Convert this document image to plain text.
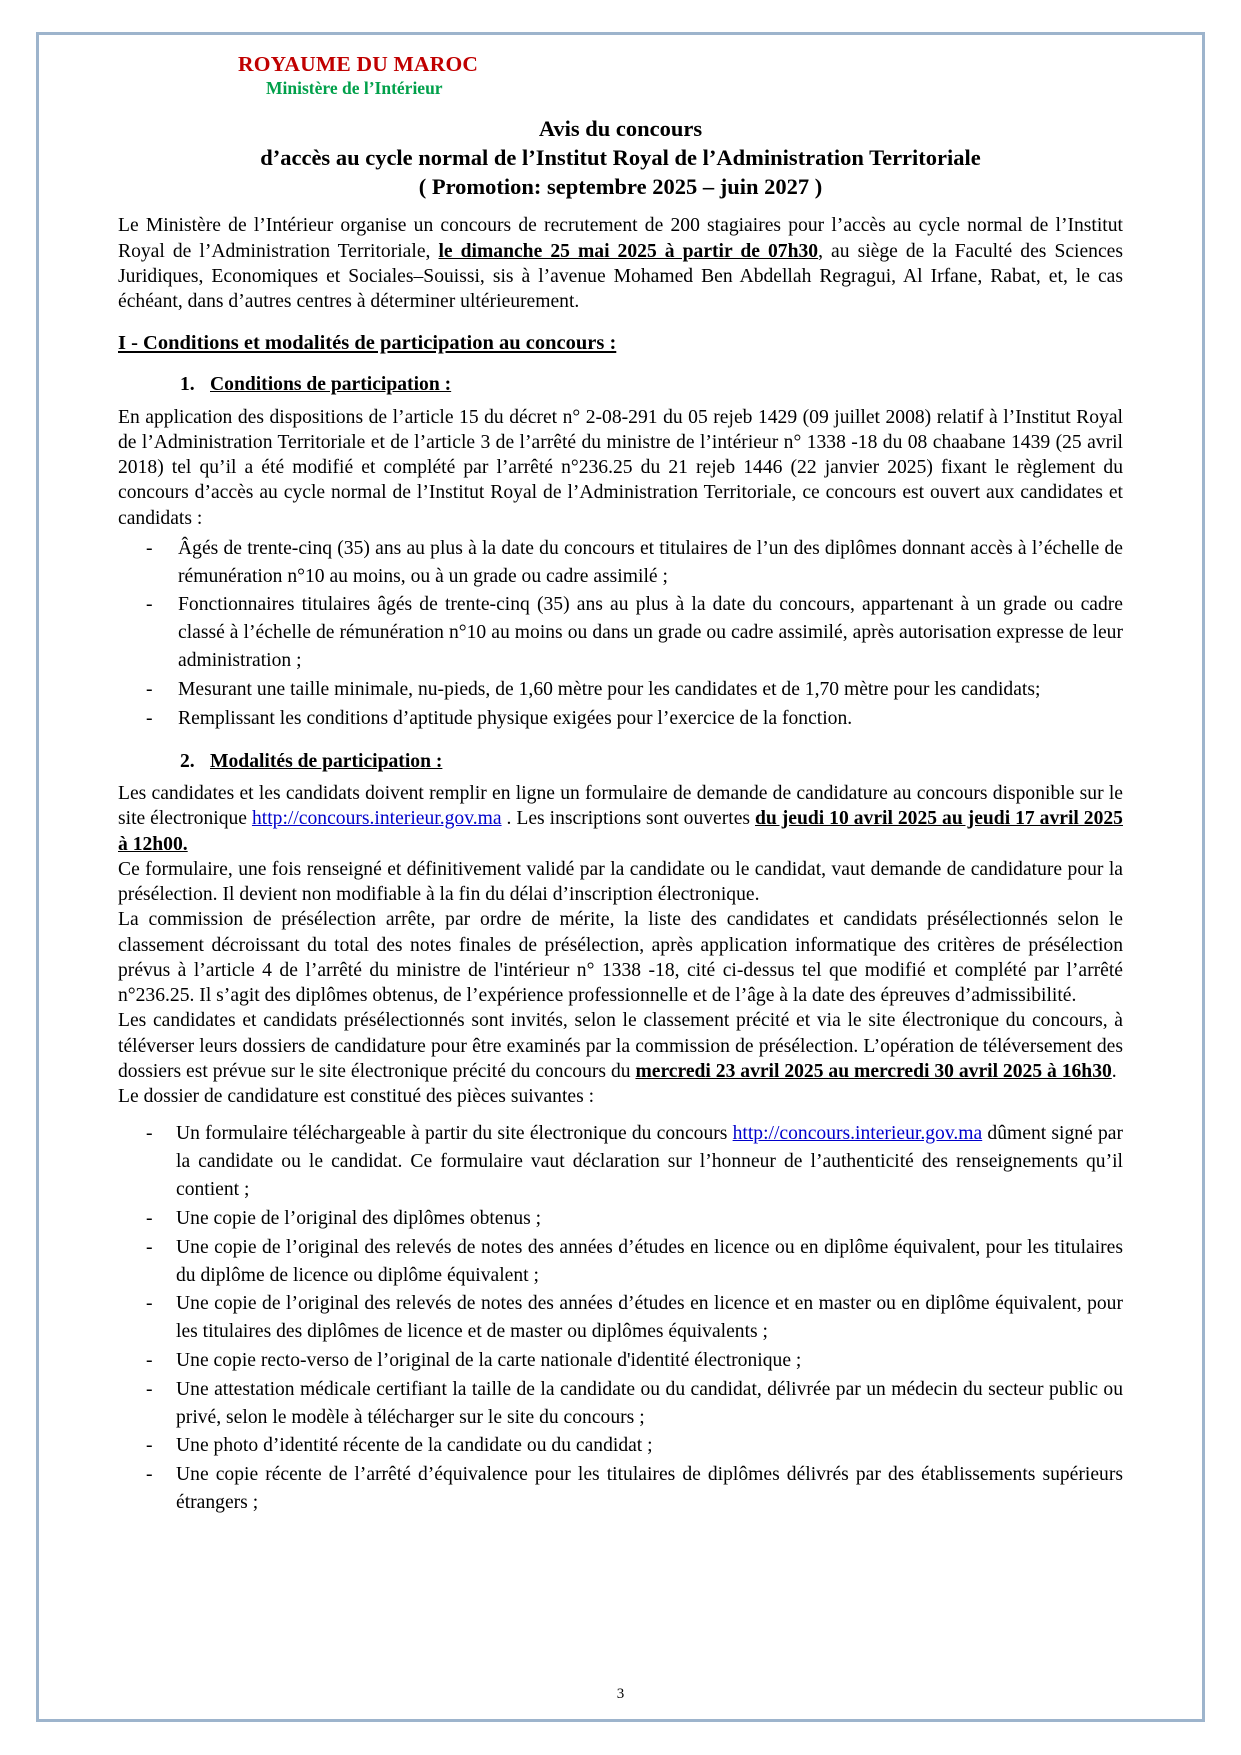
ROYAUME DU MAROC
Ministère de l’Intérieur
Avis du concours
d’accès au cycle normal de l’Institut Royal de l’Administration Territoriale
( Promotion: septembre 2025 – juin 2027 )

Le Ministère de l’Intérieur organise un concours de recrutement de 200 stagiaires pour l’accès au cycle normal de l’Institut Royal de l’Administration Territoriale, le dimanche 25 mai 2025 à partir de 07h30, au siège de la Faculté des Sciences Juridiques, Economiques et Sociales–Souissi, sis à l’avenue Mohamed Ben Abdellah Regragui, Al Irfane, Rabat, et, le cas échéant, dans d’autres centres à déterminer ultérieurement.

I - Conditions et modalités de participation au concours :
1. Conditions de participation :

En application des dispositions de l’article 15 du décret n° 2-08-291 du 05 rejeb 1429 (09 juillet 2008) relatif à l’Institut Royal de l’Administration Territoriale et de l’article 3 de l’arrêté du ministre de l’intérieur n° 1338 -18 du 08 chaabane 1439 (25 avril 2018) tel qu’il a été modifié et complété par l’arrêté n°236.25 du 21 rejeb 1446 (22 janvier 2025) fixant le règlement du concours d’accès au cycle normal de l’Institut Royal de l’Administration Territoriale, ce concours est ouvert aux candidates et candidats :

- Âgés de trente-cinq (35) ans au plus à la date du concours et titulaires de l’un des diplômes donnant accès à l’échelle de rémunération n°10 au moins, ou à un grade ou cadre assimilé ;
- Fonctionnaires titulaires âgés de trente-cinq (35) ans au plus à la date du concours, appartenant à un grade ou cadre classé à l’échelle de rémunération n°10 au moins ou dans un grade ou cadre assimilé, après autorisation expresse de leur administration ;
- Mesurant une taille minimale, nu-pieds, de 1,60 mètre pour les candidates et de 1,70 mètre pour les candidats;
- Remplissant les conditions d’aptitude physique exigées pour l’exercice de la fonction.
2. Modalités de participation :

Les candidates et les candidats doivent remplir en ligne un formulaire de demande de candidature au concours disponible sur le site électronique http://concours.interieur.gov.ma . Les inscriptions sont ouvertes du jeudi 10 avril 2025 au jeudi 17 avril 2025 à 12h00.

Ce formulaire, une fois renseigné et définitivement validé par la candidate ou le candidat, vaut demande de candidature pour la présélection. Il devient non modifiable à la fin du délai d’inscription électronique.

La commission de présélection arrête, par ordre de mérite, la liste des candidates et candidats présélectionnés selon le classement décroissant du total des notes finales de présélection, après application informatique des critères de présélection prévus à l’article 4 de l’arrêté du ministre de l'intérieur n° 1338 -18, cité ci-dessus tel que modifié et complété par l’arrêté n°236.25. Il s’agit des diplômes obtenus, de l’expérience professionnelle et de l’âge à la date des épreuves d’admissibilité.

Les candidates et candidats présélectionnés sont invités, selon le classement précité et via le site électronique du concours, à téléverser leurs dossiers de candidature pour être examinés par la commission de présélection. L’opération de téléversement des dossiers est prévue sur le site électronique précité du concours du mercredi 23 avril 2025 au mercredi 30 avril 2025 à 16h30.

Le dossier de candidature est constitué des pièces suivantes :

- Un formulaire téléchargeable à partir du site électronique du concours http://concours.interieur.gov.ma dûment signé par la candidate ou le candidat. Ce formulaire vaut déclaration sur l’honneur de l’authenticité des renseignements qu’il contient ;
- Une copie de l’original des diplômes obtenus ;
- Une copie de l’original des relevés de notes des années d’études en licence ou en diplôme équivalent, pour les titulaires du diplôme de licence ou diplôme équivalent ;
- Une copie de l’original des relevés de notes des années d’études en licence et en master ou en diplôme équivalent, pour les titulaires des diplômes de licence et de master ou diplômes équivalents ;
- Une copie recto-verso de l’original de la carte nationale d'identité électronique ;
- Une attestation médicale certifiant la taille de la candidate ou du candidat, délivrée par un médecin du secteur public ou privé, selon le modèle à télécharger sur le site du concours ;
- Une photo d’identité récente de la candidate ou du candidat ;
- Une copie récente de l’arrêté d’équivalence pour les titulaires de diplômes délivrés par des établissements supérieurs étrangers ;
3
